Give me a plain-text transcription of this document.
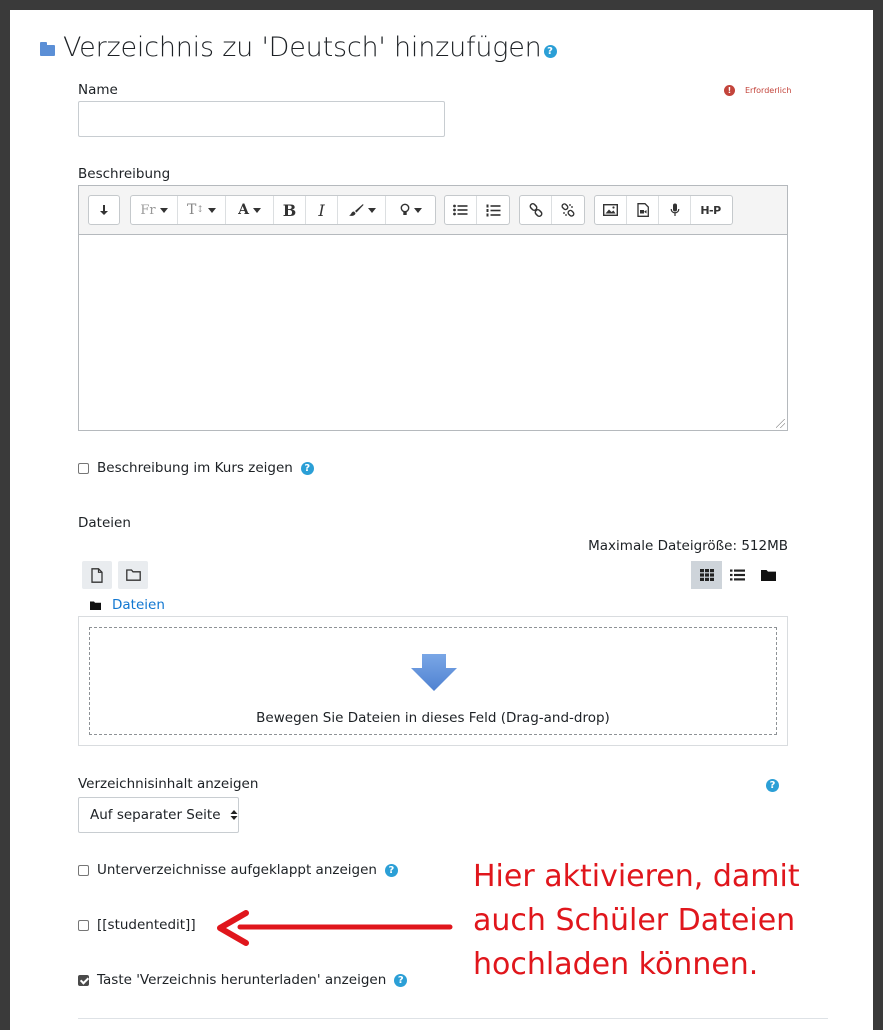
Verzeichnis zu 'Deutsch' hinzufügen ?
Name	!	Erforderlich
Beschreibung
Fr T ↕ A	B	I	H-P
Beschreibung im Kurs zeigen	?
Dateien
Maximale Dateigröße: 512MB
Dateien
Bewegen Sie Dateien in dieses Feld (Drag-and-drop)
Verzeichnisinhalt anzeigen	?
Auf separater Seite
Unterverzeichnisse aufgeklappt anzeigen	?
[[studentedit]]
Taste 'Verzeichnis herunterladen' anzeigen	?
Hier aktivieren, damit
auch Schüler Dateien
hochladen können.
